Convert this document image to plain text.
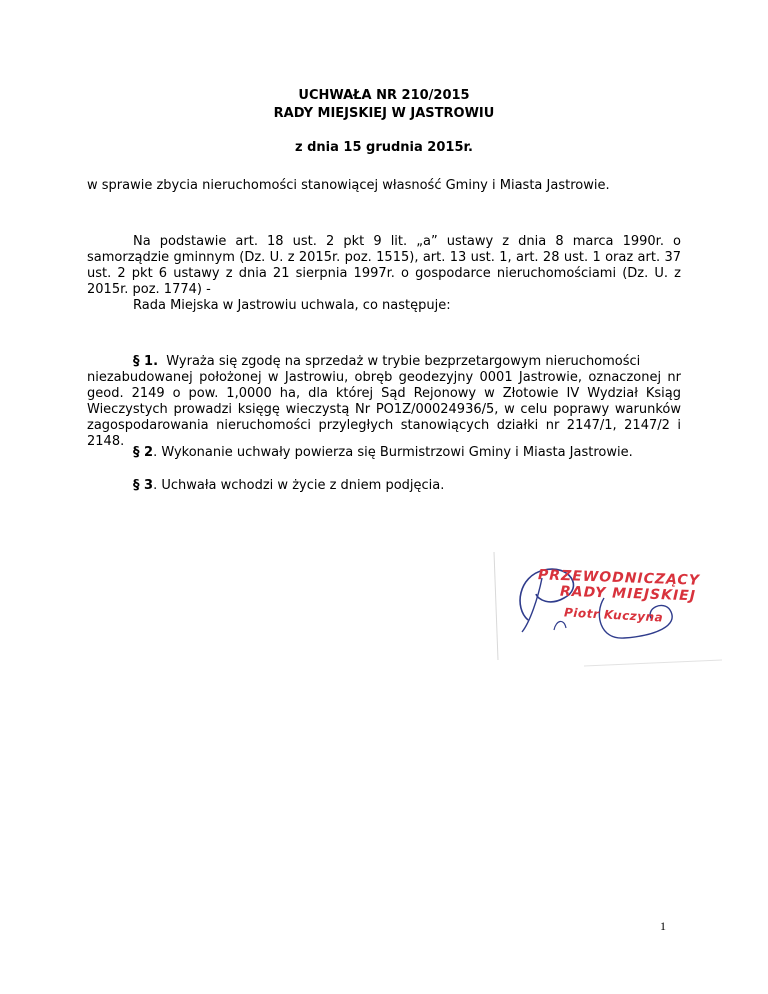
UCHWAŁA NR 210/2015
RADY MIEJSKIEJ W JASTROWIU
z dnia 15 grudnia 2015r.
w sprawie zbycia nieruchomości stanowiącej własność Gminy i Miasta Jastrowie.
Na podstawie art. 18 ust. 2 pkt 9 lit. „a” ustawy z dnia 8 marca 1990r. o samorządzie gminnym (Dz. U. z 2015r. poz. 1515), art. 13 ust. 1, art. 28 ust. 1 oraz art. 37 ust. 2 pkt 6 ustawy z dnia 21 sierpnia 1997r. o gospodarce nieruchomościami (Dz. U. z 2015r. poz. 1774) -
Rada Miejska w Jastrowiu uchwala, co następuje:
§ 1. Wyraża się zgodę na sprzedaż w trybie bezprzetargowym nieruchomości
niezabudowanej położonej w Jastrowiu, obręb geodezyjny 0001 Jastrowie, oznaczonej nr geod. 2149 o pow. 1,0000 ha, dla której Sąd Rejonowy w Złotowie IV Wydział Ksiąg Wieczystych prowadzi księgę wieczystą Nr PO1Z/00024936/5, w celu poprawy warunków zagospodarowania nieruchomości przyległych stanowiących działki nr 2147/1, 2147/2 i 2148.
§ 2. Wykonanie uchwały powierza się Burmistrzowi Gminy i Miasta Jastrowie.
§ 3. Uchwała wchodzi w życie z dniem podjęcia.
PRZEWODNICZĄCY
RADY MIEJSKIEJ
Piotr Kuczyna
1
